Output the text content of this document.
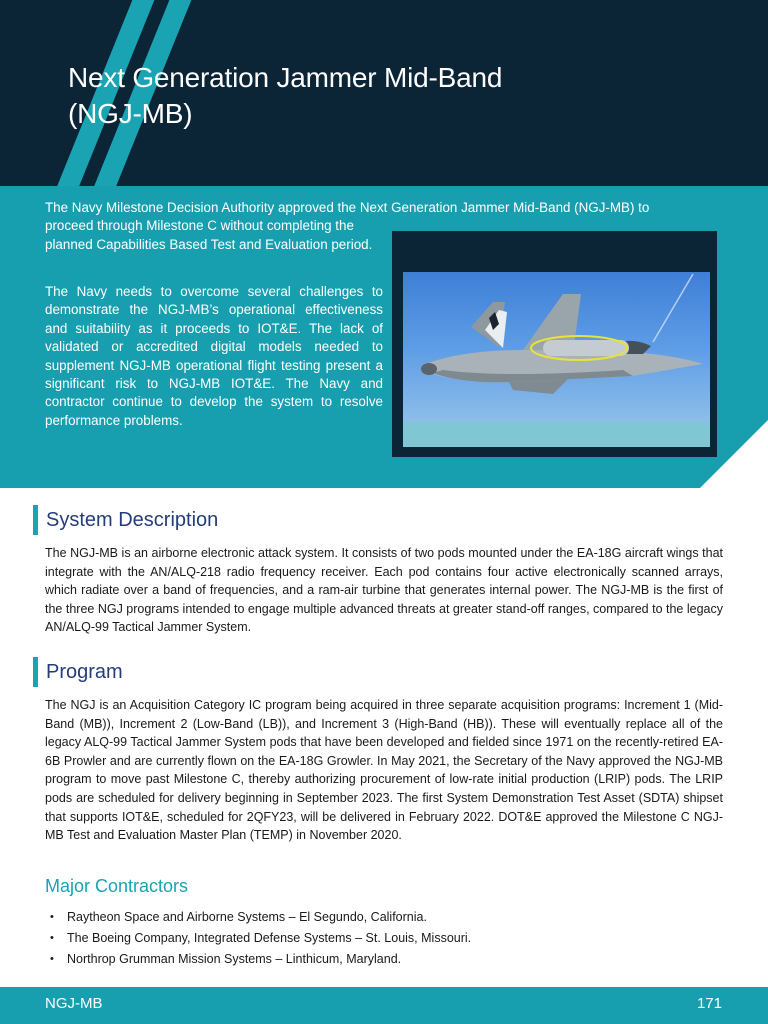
Next Generation Jammer Mid-Band
(NGJ-MB)

The Navy Milestone Decision Authority approved the Next Generation Jammer Mid-Band (NGJ-MB) to

proceed through Milestone C without completing the planned Capabilities Based Test and Evaluation period.

The Navy needs to overcome several challenges to demonstrate the NGJ-MB’s operational effectiveness and suitability as it proceeds to IOT&E. The lack of validated or accredited digital models needed to supplement NGJ-MB operational flight testing present a significant risk to NGJ-MB IOT&E. The Navy and contractor continue to develop the system to resolve performance problems.

System Description

The NGJ-MB is an airborne electronic attack system. It consists of two pods mounted under the EA-18G aircraft wings that integrate with the AN/ALQ-218 radio frequency receiver. Each pod contains four active electronically scanned arrays, which radiate over a band of frequencies, and a ram-air turbine that generates internal power. The NGJ-MB is the first of the three NGJ programs intended to engage multiple advanced threats at greater stand-off ranges, compared to the legacy AN/ALQ-99 Tactical Jammer System.

Program

The NGJ is an Acquisition Category IC program being acquired in three separate acquisition programs: Increment 1 (Mid-Band (MB)), Increment 2 (Low-Band (LB)), and Increment 3 (High-Band (HB)). These will eventually replace all of the legacy ALQ-99 Tactical Jammer System pods that have been developed and fielded since 1971 on the recently-retired EA-6B Prowler and are currently flown on the EA-18G Growler. In May 2021, the Secretary of the Navy approved the NGJ-MB program to move past Milestone C, thereby authorizing procurement of low-rate initial production (LRIP) pods. The LRIP pods are scheduled for delivery beginning in September 2023. The first System Demonstration Test Asset (SDTA) shipset that supports IOT&E, scheduled for 2QFY23, will be delivered in February 2022. DOT&E approved the Milestone C NGJ-MB Test and Evaluation Master Plan (TEMP) in November 2020.

Major Contractors
• Raytheon Space and Airborne Systems – El Segundo, California.
• The Boeing Company, Integrated Defense Systems – St. Louis, Missouri.
• Northrop Grumman Mission Systems – Linthicum, Maryland.
NGJ-MB	171
